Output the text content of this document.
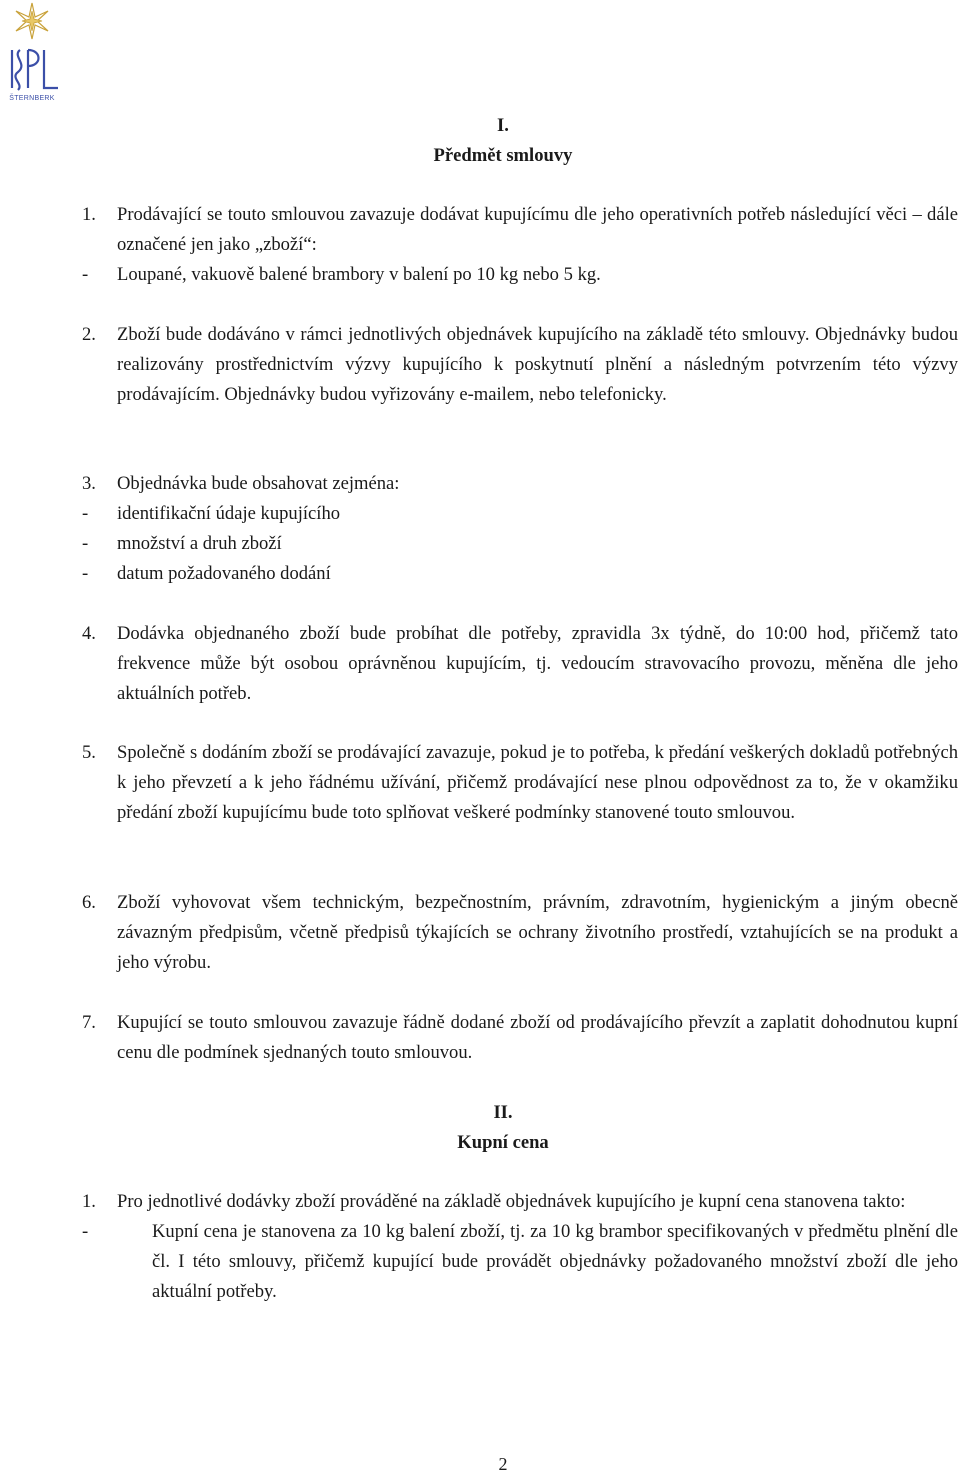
ŠTERNBERK
I.
Předmět smlouvy
1. Prodávající se touto smlouvou zavazuje dodávat kupujícímu dle jeho operativních potřeb následující věci – dále označené jen jako „zboží“:
- Loupané, vakuově balené brambory v balení po 10 kg nebo 5 kg.
2. Zboží bude dodáváno v rámci jednotlivých objednávek kupujícího na základě této smlouvy. Objednávky budou realizovány prostřednictvím výzvy kupujícího k poskytnutí plnění a následným potvrzením této výzvy prodávajícím. Objednávky budou vyřizovány e-mailem, nebo telefonicky.
3. Objednávka bude obsahovat zejména:
- identifikační údaje kupujícího
- množství a druh zboží
- datum požadovaného dodání
4. Dodávka objednaného zboží bude probíhat dle potřeby, zpravidla 3x týdně, do 10:00 hod, přičemž tato frekvence může být osobou oprávněnou kupujícím, tj. vedoucím stravovacího provozu, měněna dle jeho aktuálních potřeb.
5. Společně s dodáním zboží se prodávající zavazuje, pokud je to potřeba, k předání veškerých dokladů potřebných k jeho převzetí a k jeho řádnému užívání, přičemž prodávající nese plnou odpovědnost za to, že v okamžiku předání zboží kupujícímu bude toto splňovat veškeré podmínky stanovené touto smlouvou.
6. Zboží vyhovovat všem technickým, bezpečnostním, právním, zdravotním, hygienickým a jiným obecně závazným předpisům, včetně předpisů týkajících se ochrany životního prostředí, vztahujících se na produkt a jeho výrobu.
7. Kupující se touto smlouvou zavazuje řádně dodané zboží od prodávajícího převzít a zaplatit dohodnutou kupní cenu dle podmínek sjednaných touto smlouvou.
II.
Kupní cena
1. Pro jednotlivé dodávky zboží prováděné na základě objednávek kupujícího je kupní cena stanovena takto:
-	Kupní cena je stanovena za 10 kg balení zboží, tj. za 10 kg brambor specifikovaných v předmětu plnění dle čl. I této smlouvy, přičemž kupující bude provádět objednávky požadovaného množství zboží dle jeho aktuální potřeby.
2
